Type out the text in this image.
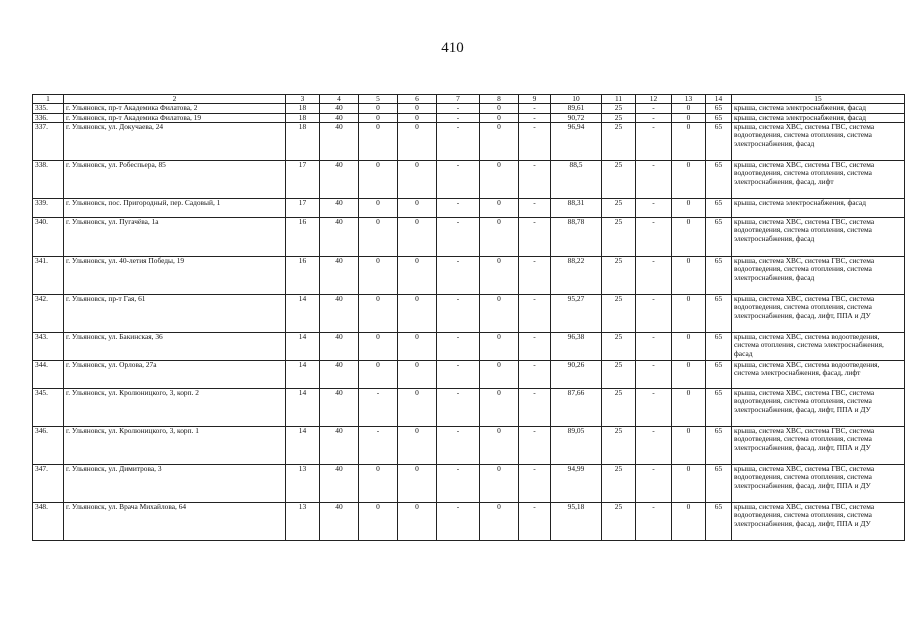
410
1	2	3	4	5	6	7	8	9	10	11	12	13	14	15
335.	г. Ульяновск, пр-т Академика Филатова, 2	18	40	0	0	-	0	-	89,61	25	-	0	65	крыша, система электроснабжения, фасад
336.	г. Ульяновск, пр-т Академика Филатова, 19	18	40	0	0	-	0	-	90,72	25	-	0	65	крыша, система электроснабжения, фасад
337.	г. Ульяновск, ул. Докучаева, 24	18	40	0	0	-	0	-	96,94	25	-	0	65	крыша, система ХВС, система ГВС, система водоотведения, система отопления, система электроснабжения, фасад
338.	г. Ульяновск, ул. Робеспьера, 85	17	40	0	0	-	0	-	88,5	25	-	0	65	крыша, система ХВС, система ГВС, система водоотведения, система отопления, система электроснабжения, фасад, лифт
339.	г. Ульяновск, пос. Пригородный, пер. Садовый, 1	17	40	0	0	-	0	-	88,31	25	-	0	65	крыша, система электроснабжения, фасад
340.	г. Ульяновск, ул. Пугачёва, 1а	16	40	0	0	-	0	-	88,78	25	-	0	65	крыша, система ХВС, система ГВС, система водоотведения, система отопления, система электроснабжения, фасад
341.	г. Ульяновск, ул. 40-летия Победы, 19	16	40	0	0	-	0	-	88,22	25	-	0	65	крыша, система ХВС, система ГВС, система водоотведения, система отопления, система электроснабжения, фасад
342.	г. Ульяновск, пр-т Гая, 61	14	40	0	0	-	0	-	95,27	25	-	0	65	крыша, система ХВС, система ГВС, система водоотведения, система отопления, система электроснабжения, фасад, лифт, ППА и ДУ
343.	г. Ульяновск, ул. Бакинская, 36	14	40	0	0	-	0	-	96,38	25	-	0	65	крыша, система ХВС, система водоотведения, система отопления, система электроснабжения, фасад
344.	г. Ульяновск, ул. Орлова, 27а	14	40	0	0	-	0	-	90,26	25	-	0	65	крыша, система ХВС, система водоотведения, система электроснабжения, фасад, лифт
345.	г. Ульяновск, ул. Кролюницкого, 3, корп. 2	14	40	-	0	-	0	-	87,66	25	-	0	65	крыша, система ХВС, система ГВС, система водоотведения, система отопления, система электроснабжения, фасад, лифт, ППА и ДУ
346.	г. Ульяновск, ул. Кролюницкого, 3, корп. 1	14	40	-	0	-	0	-	89,05	25	-	0	65	крыша, система ХВС, система ГВС, система водоотведения, система отопления, система электроснабжения, фасад, лифт, ППА и ДУ
347.	г. Ульяновск, ул. Димитрова, 3	13	40	0	0	-	0	-	94,99	25	-	0	65	крыша, система ХВС, система ГВС, система водоотведения, система отопления, система электроснабжения, фасад, лифт, ППА и ДУ
348.	г. Ульяновск, ул. Врача Михайлова, 64	13	40	0	0	-	0	-	95,18	25	-	0	65	крыша, система ХВС, система ГВС, система водоотведения, система отопления, система электроснабжения, фасад, лифт, ППА и ДУ
